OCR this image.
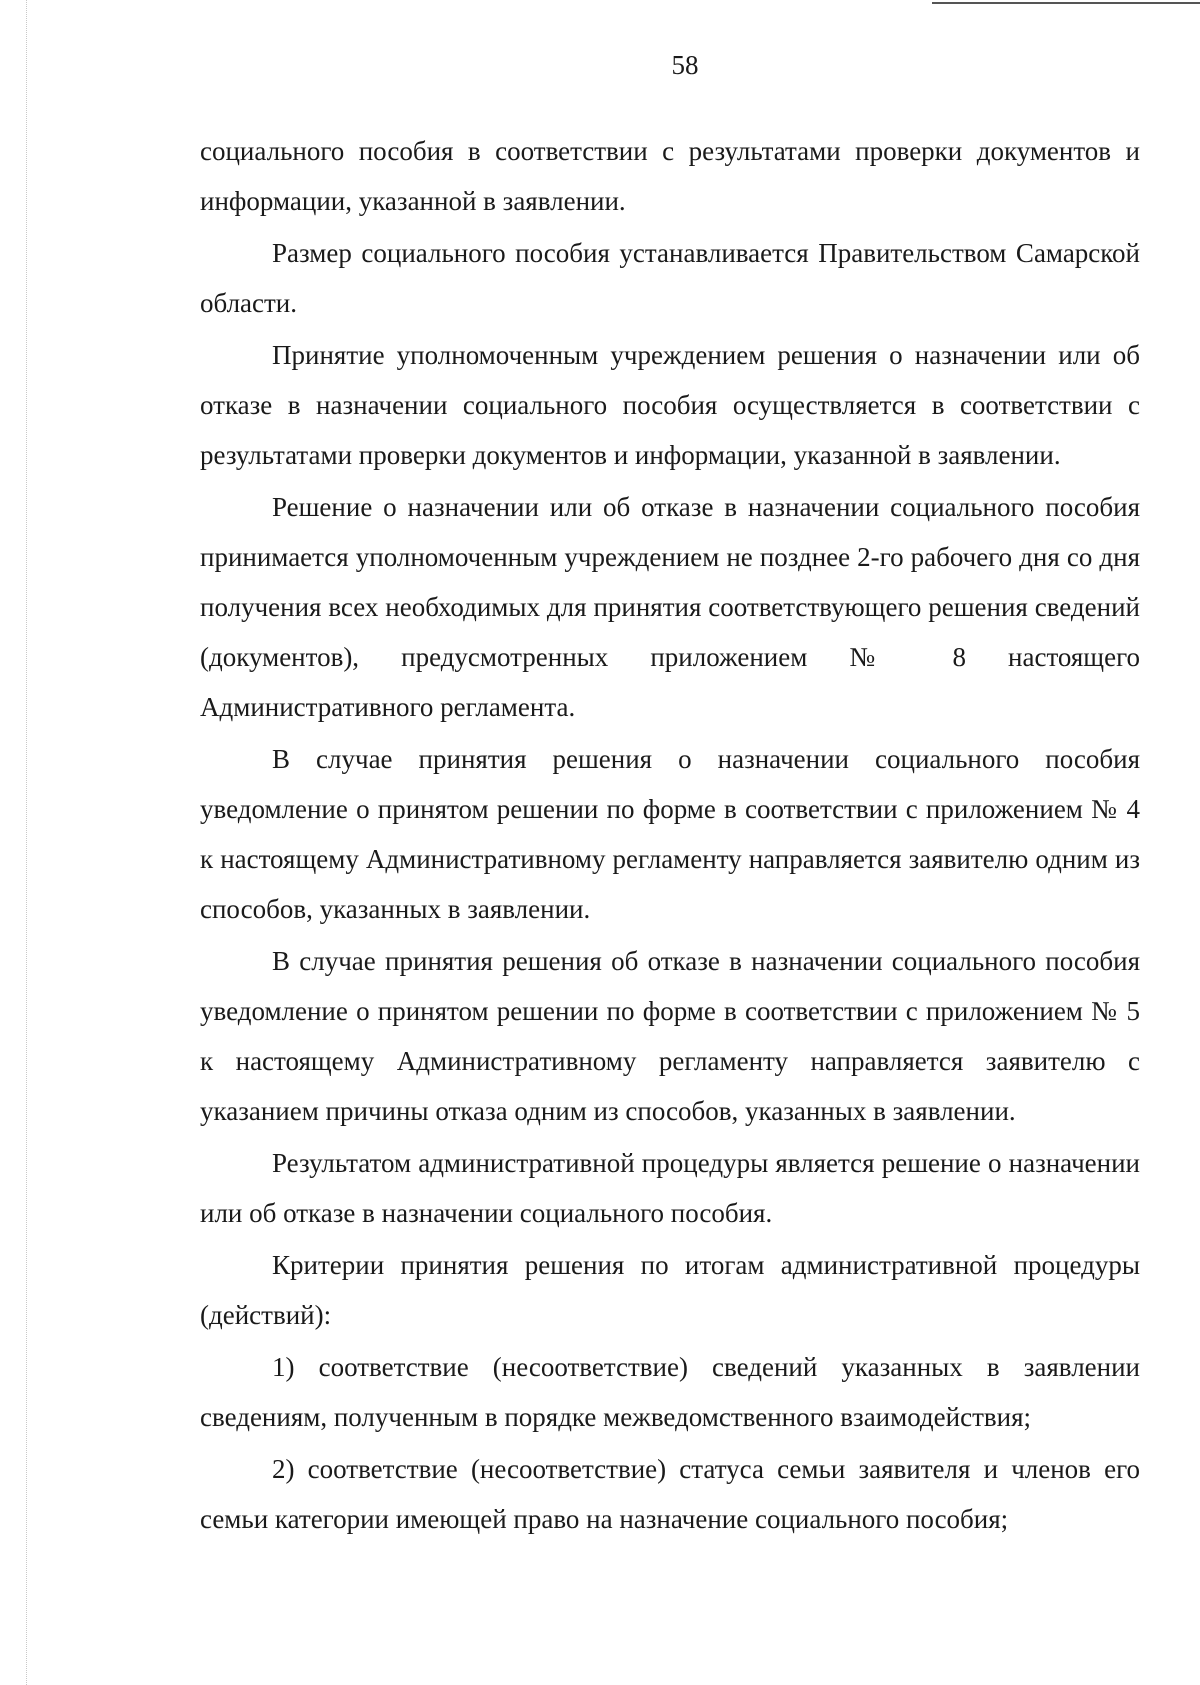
58

социального пособия в соответствии с результатами проверки документов и информации, указанной в заявлении.

Размер социального пособия устанавливается Правительством Самарской области.

Принятие уполномоченным учреждением решения о назначении или об отказе в назначении социального пособия осуществляется в соответствии с результатами проверки документов и информации, указанной в заявлении.

Решение о назначении или об отказе в назначении социального пособия принимается уполномоченным учреждением не позднее 2-го рабочего дня со дня получения всех необходимых для принятия соответствующего решения сведений (документов), предусмотренных приложением № 8 настоящего Административного регламента.

В случае принятия решения о назначении социального пособия уведомление о принятом решении по форме в соответствии с приложением № 4 к настоящему Административному регламенту направляется заявителю одним из способов, указанных в заявлении.

В случае принятия решения об отказе в назначении социального пособия уведомление о принятом решении по форме в соответствии с приложением № 5 к настоящему Административному регламенту направляется заявителю с указанием причины отказа одним из способов, указанных в заявлении.

Результатом административной процедуры является решение о назначении или об отказе в назначении социального пособия.

Критерии принятия решения по итогам административной процедуры (действий):

1) соответствие (несоответствие) сведений указанных в заявлении сведениям, полученным в порядке межведомственного взаимодействия;

2) соответствие (несоответствие) статуса семьи заявителя и членов его семьи категории имеющей право на назначение социального пособия;
